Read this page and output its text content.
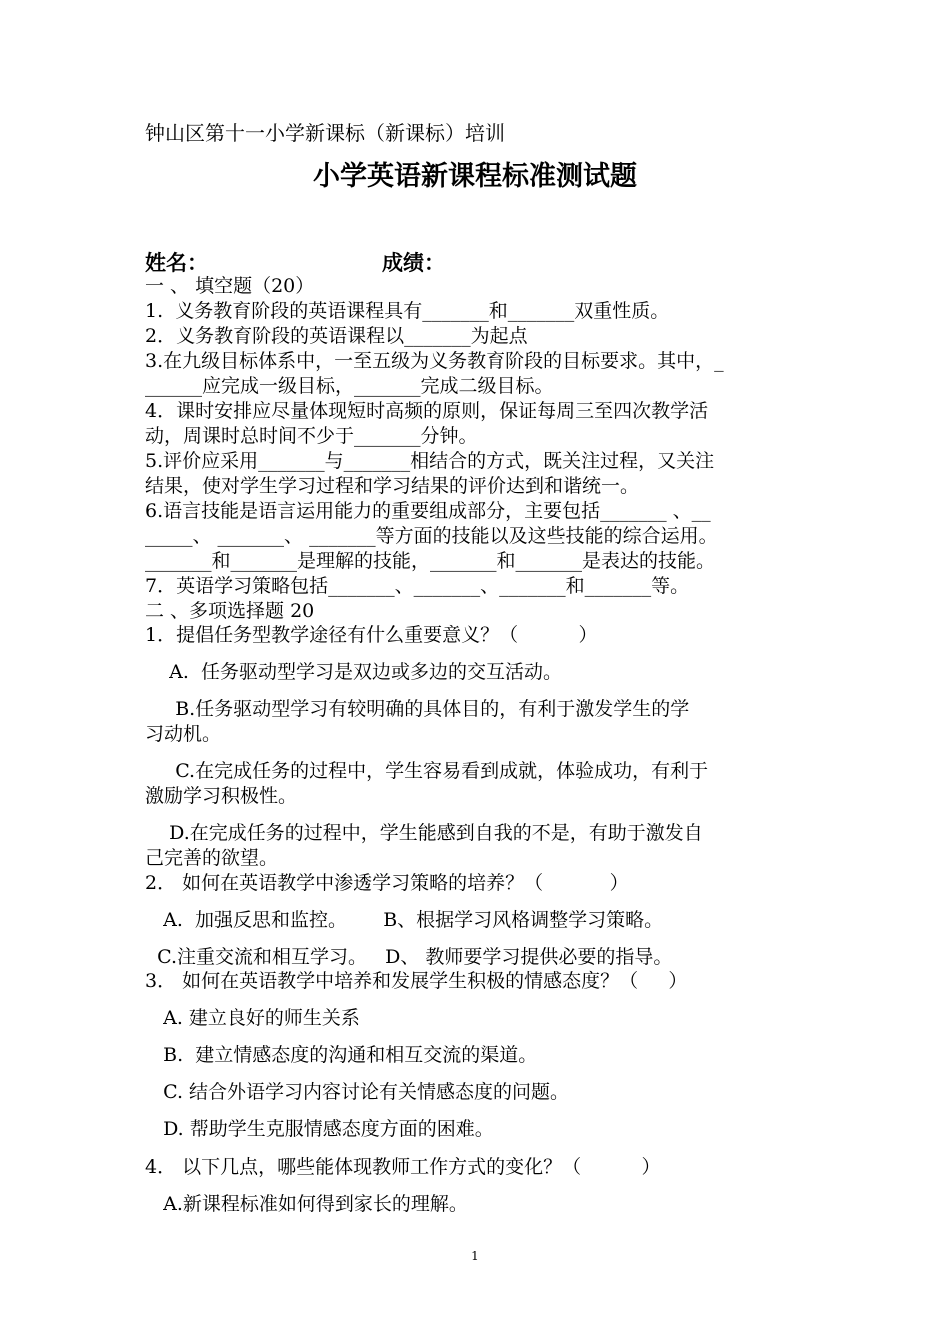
钟山区第十一小学新课标（新课标）培训
小学英语新课程标准测试题
姓名：	成绩：
一 、 填空题（20）
1.  义务教育阶段的英语课程具有_______和_______双重性质。
2．义务教育阶段的英语课程以_______为起点
3.在九级目标体系中，一至五级为义务教育阶段的目标要求。其中，_
______应完成一级目标，_______完成二级目标。
4．课时安排应尽量体现短时高频的原则，保证每周三至四次教学活
动，周课时总时间不少于_______分钟。
5.评价应采用_______与_______相结合的方式，既关注过程，又关注
结果，使对学生学习过程和学习结果的评价达到和谐统一。
6.语言技能是语言运用能力的重要组成部分，主要包括_______ 、__
_____、 _______、 _______等方面的技能以及这些技能的综合运用。
_______和_______是理解的技能，_______和_______是表达的技能。
7．英语学习策略包括_______、_______、_______和_______等。
二 、多项选择题 20
1．提倡任务型教学途径有什么重要意义？（          ）
A.  任务驱动型学习是双边或多边的交互活动。
B.任务驱动型学习有较明确的具体目的，有利于激发学生的学
习动机。
C.在完成任务的过程中，学生容易看到成就，体验成功，有利于
激励学习积极性。
D.在完成任务的过程中，学生能感到自我的不是，有助于激发自
己完善的欲望。
2． 如何在英语教学中渗透学习策略的培养？（           ）
A.  加强反思和监控。      B、根据学习风格调整学习策略。
C.注重交流和相互学习。   D、 教师要学习提供必要的指导。
3． 如何在英语教学中培养和发展学生积极的情感态度？（     ）
A. 建立良好的师生关系
B.  建立情感态度的沟通和相互交流的渠道。
C. 结合外语学习内容讨论有关情感态度的问题。
D. 帮助学生克服情感态度方面的困难。
4． 以下几点，哪些能体现教师工作方式的变化？（          ）
A.新课程标准如何得到家长的理解。
1
